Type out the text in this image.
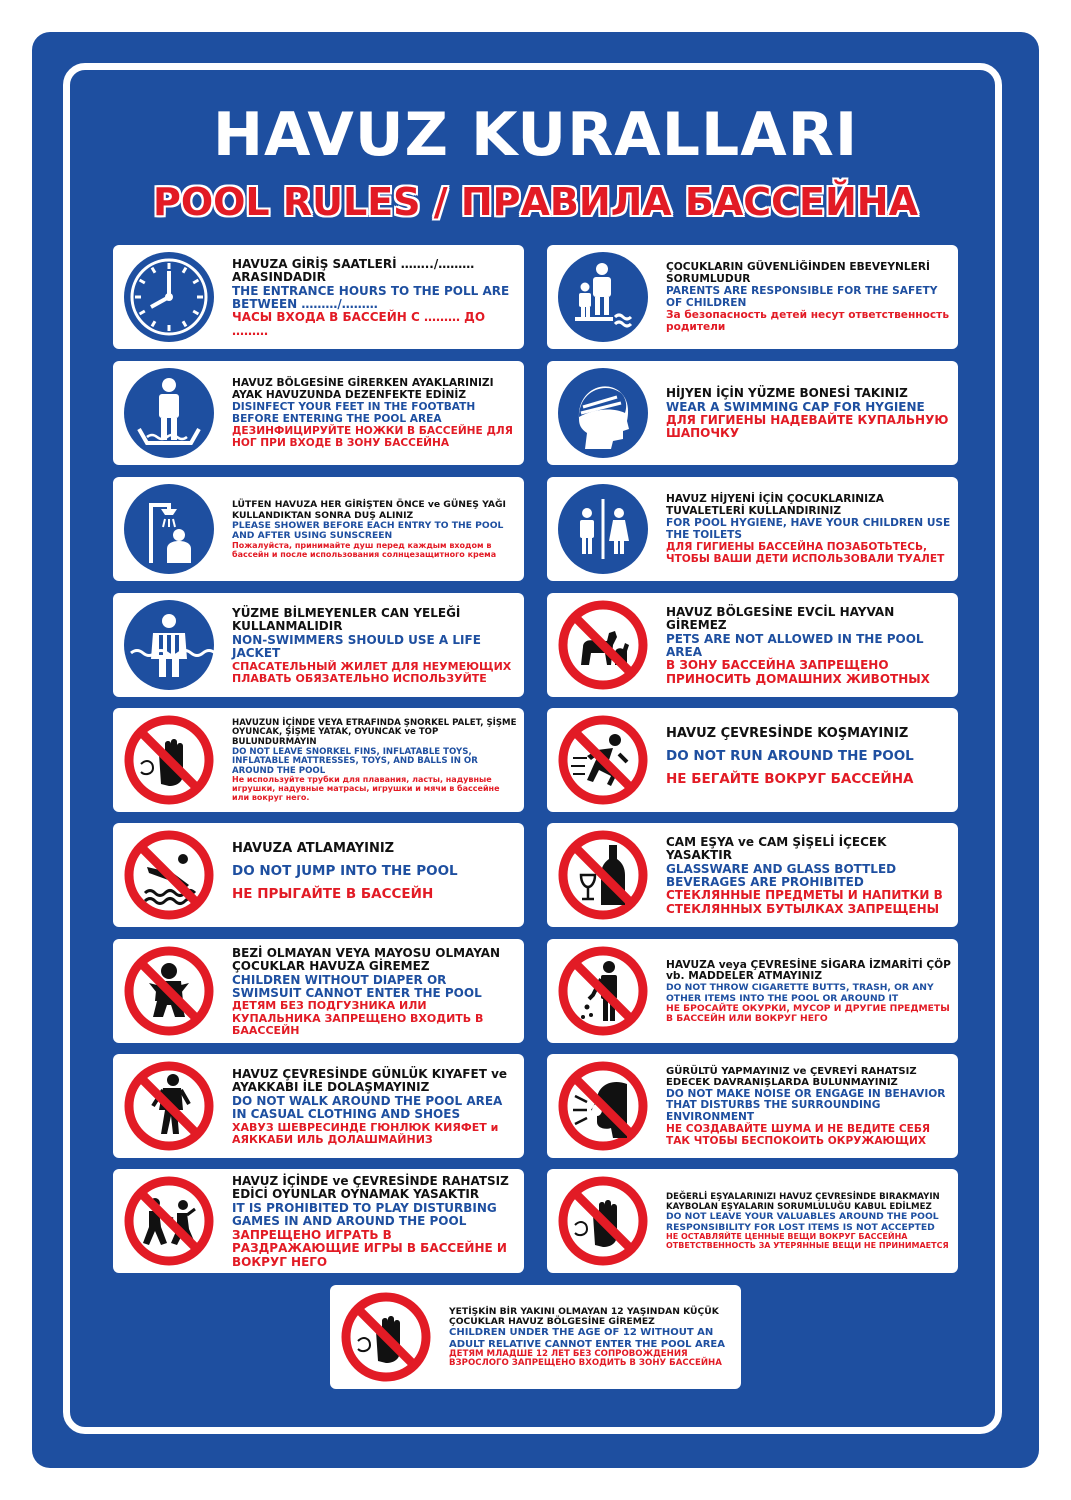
HAVUZ KURALLARI
POOL RULES / ПРАВИЛА БАССЕЙНА
HAVUZA GİRİŞ SAATLERİ ……../……… ARASINDADIR
THE ENTRANCE HOURS TO THE POLL ARE BETWEEN ………/………
ЧАСЫ ВХОДА В БАССЕЙН С ……… ДО ………
ÇOCUKLARIN GÜVENLİĞİNDEN EBEVEYNLERİ SORUMLUDUR
PARENTS ARE RESPONSIBLE FOR THE SAFETY OF CHILDREN
За безопасность детей несут ответственность родители
HAVUZ BÖLGESİNE GİRERKEN AYAKLARINIZI AYAK HAVUZUNDA DEZENFEKTE EDİNİZ
DISINFECT YOUR FEET IN THE FOOTBATH BEFORE ENTERING THE POOL AREA
ДЕЗИНФИЦИРУЙТЕ НОЖКИ В БАССЕЙНЕ ДЛЯ НОГ ПРИ ВХОДЕ В ЗОНУ БАССЕЙНА
HİJYEN İÇİN YÜZME BONESİ TAKINIZ
WEAR A SWIMMING CAP FOR HYGIENE
ДЛЯ ГИГИЕНЫ НАДЕВАЙТЕ КУПАЛЬНУЮ ШАПОЧКУ
LÜTFEN HAVUZA HER GİRİŞTEN ÖNCE ve GÜNEŞ YAĞI KULLANDIKTAN SONRA DUŞ ALINIZ
PLEASE SHOWER BEFORE EACH ENTRY TO THE POOL AND AFTER USING SUNSCREEN
Пожалуйста, принимайте душ перед каждым входом в бассейн и после использования солнцезащитного крема
HAVUZ HİJYENİ İÇİN ÇOCUKLARINIZA TUVALETLERİ KULLANDIRINIZ
FOR POOL HYGIENE, HAVE YOUR CHILDREN USE THE TOILETS
ДЛЯ ГИГИЕНЫ БАССЕЙНА ПОЗАБОТЬТЕСЬ, ЧТОБЫ ВАШИ ДЕТИ ИСПОЛЬЗОВАЛИ ТУАЛЕТ
YÜZME BİLMEYENLER CAN YELEĞİ KULLANMALIDIR
NON-SWIMMERS SHOULD USE A LIFE JACKET
СПАСАТЕЛЬНЫЙ ЖИЛЕТ ДЛЯ НЕУМЕЮЩИХ ПЛАВАТЬ ОБЯЗАТЕЛЬНО ИСПОЛЬЗУЙТЕ
HAVUZ BÖLGESİNE EVCİL HAYVAN GİREMEZ
PETS ARE NOT ALLOWED IN THE POOL AREA
В ЗОНУ БАССЕЙНА ЗАПРЕЩЕНО ПРИНОСИТЬ ДОМАШНИХ ЖИВОТНЫХ
HAVUZUN İÇİNDE VEYA ETRAFINDA ŞNORKEL PALET, ŞİŞME OYUNCAK, ŞİŞME YATAK, OYUNCAK ve TOP BULUNDURMAYIN
DO NOT LEAVE SNORKEL FINS, INFLATABLE TOYS, INFLATABLE MATTRESSES, TOYS, AND BALLS IN OR AROUND THE POOL
Не используйте трубки для плавания, ласты, надувные игрушки, надувные матрасы, игрушки и мячи в бассейне или вокруг него.
HAVUZ ÇEVRESİNDE KOŞMAYINIZ
DO NOT RUN AROUND THE POOL
НЕ БЕГАЙТЕ ВОКРУГ БАССЕЙНА
HAVUZA ATLAMAYINIZ
DO NOT JUMP INTO THE POOL
НЕ ПРЫГАЙТЕ В БАССЕЙН
CAM EŞYA ve CAM ŞİŞELİ İÇECEK YASAKTIR
GLASSWARE AND GLASS BOTTLED BEVERAGES ARE PROHIBITED
СТЕКЛЯННЫЕ ПРЕДМЕТЫ И НАПИТКИ В СТЕКЛЯННЫХ БУТЫЛКАХ ЗАПРЕЩЕНЫ
BEZİ OLMAYAN VEYA MAYOSU OLMAYAN ÇOCUKLAR HAVUZA GİREMEZ
CHILDREN WITHOUT DIAPER OR SWIMSUIT CANNOT ENTER THE POOL
ДЕТЯМ БЕЗ ПОДГУЗНИКА ИЛИ КУПАЛЬНИКА ЗАПРЕЩЕНО ВХОДИТЬ В БААССЕЙН
HAVUZA veya ÇEVRESİNE SİGARA İZMARİTİ ÇÖP vb. MADDELER ATMAYINIZ
DO NOT THROW CIGARETTE BUTTS, TRASH, OR ANY OTHER ITEMS INTO THE POOL OR AROUND IT
НЕ БРОСАЙТЕ ОКУРКИ, МУСОР И ДРУГИЕ ПРЕДМЕТЫ В БАССЕЙН ИЛИ ВОКРУГ НЕГО
HAVUZ ÇEVRESİNDE GÜNLÜK KIYAFET ve AYAKKABI İLE DOLAŞMAYINIZ
DO NOT WALK AROUND THE POOL AREA IN CASUAL CLOTHING AND SHOES
ХАВУЗ ШЕВРЕСИНДЕ ГЮНЛЮК КИЯФЕТ и АЯККАБИ ИЛЬ ДОЛАШМАЙНИЗ
GÜRÜLTÜ YAPMAYINIZ ve ÇEVREYİ RAHATSIZ EDECEK DAVRANIŞLARDA BULUNMAYINIZ
DO NOT MAKE NOISE OR ENGAGE IN BEHAVIOR THAT DISTURBS THE SURROUNDING ENVIRONMENT
НЕ СОЗДАВАЙТЕ ШУМА И НЕ ВЕДИТЕ СЕБЯ ТАК ЧТОБЫ БЕСПОКОИТЬ ОКРУЖАЮЩИХ
HAVUZ İÇİNDE ve ÇEVRESİNDE RAHATSIZ EDİCİ OYUNLAR OYNAMAK YASAKTIR
IT IS PROHIBITED TO PLAY DISTURBING GAMES IN AND AROUND THE POOL
ЗАПРЕЩЕНО ИГРАТЬ В РАЗДРАЖАЮЩИЕ ИГРЫ В БАССЕЙНЕ И ВОКРУГ НЕГО
DEĞERLİ EŞYALARINIZI HAVUZ ÇEVRESİNDE BIRAKMAYIN KAYBOLAN EŞYALARIN SORUMLULUĞU KABUL EDİLMEZ
DO NOT LEAVE YOUR VALUABLES AROUND THE POOL RESPONSIBILITY FOR LOST ITEMS IS NOT ACCEPTED
НЕ ОСТАВЛЯЙТЕ ЦЕННЫЕ ВЕЩИ ВОКРУГ БАССЕЙНА ОТВЕТСТВЕННОСТЬ ЗА УТЕРЯННЫЕ ВЕЩИ НЕ ПРИНИМАЕТСЯ
YETİŞKİN BİR YAKINI OLMAYAN 12 YAŞINDAN KÜÇÜK ÇOCUKLAR HAVUZ BÖLGESİNE GİREMEZ
CHILDREN UNDER THE AGE OF 12 WITHOUT AN ADULT RELATIVE CANNOT ENTER THE POOL AREA
ДЕТЯМ МЛАДШЕ 12 ЛЕТ БЕЗ СОПРОВОЖДЕНИЯ ВЗРОСЛОГО ЗАПРЕЩЕНО ВХОДИТЬ В ЗОНУ БАССЕЙНА
